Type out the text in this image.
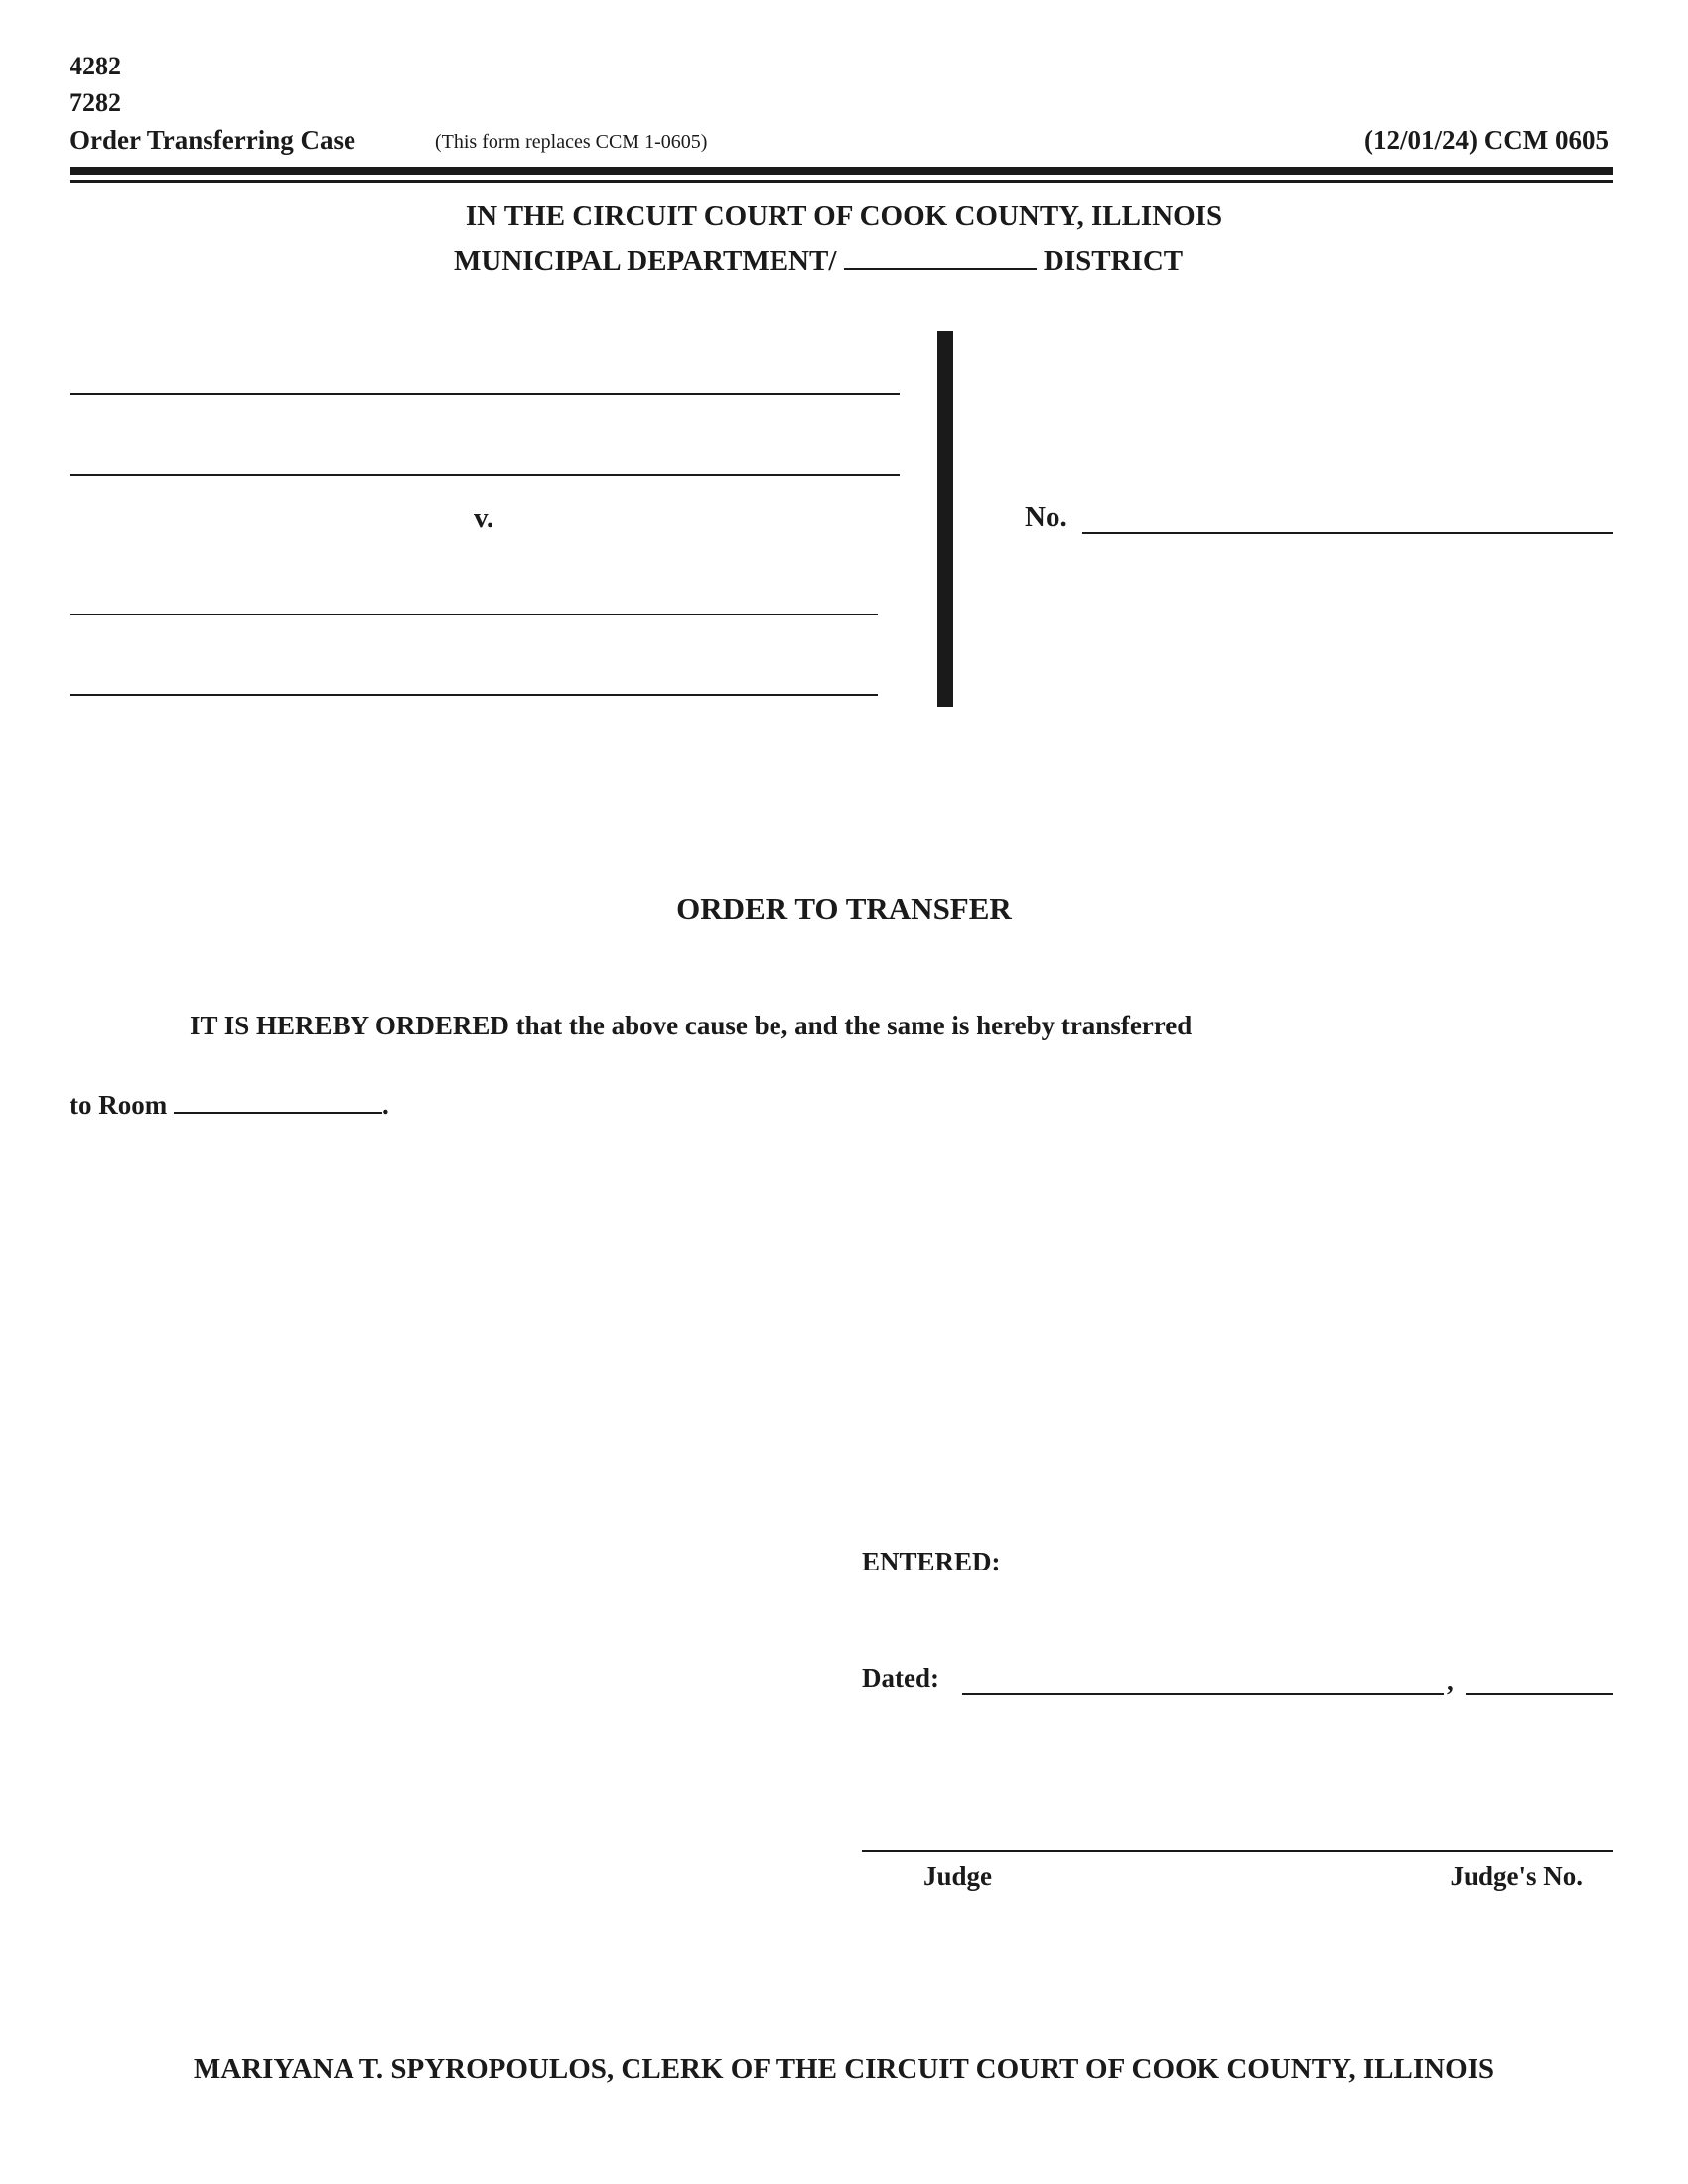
4282
7282
Order Transferring Case	(This form replaces CCM 1-0605)	(12/01/24) CCM 0605
IN THE CIRCUIT COURT OF COOK COUNTY, ILLINOIS
MUNICIPAL DEPARTMENT/	DISTRICT
v.	No.
ORDER TO TRANSFER
IT IS HEREBY ORDERED that the above cause be, and the same is hereby transferred
to Room	.
ENTERED:
Dated:	,
Judge	Judge's No.
MARIYANA T. SPYROPOULOS, CLERK OF THE CIRCUIT COURT OF COOK COUNTY, ILLINOIS
